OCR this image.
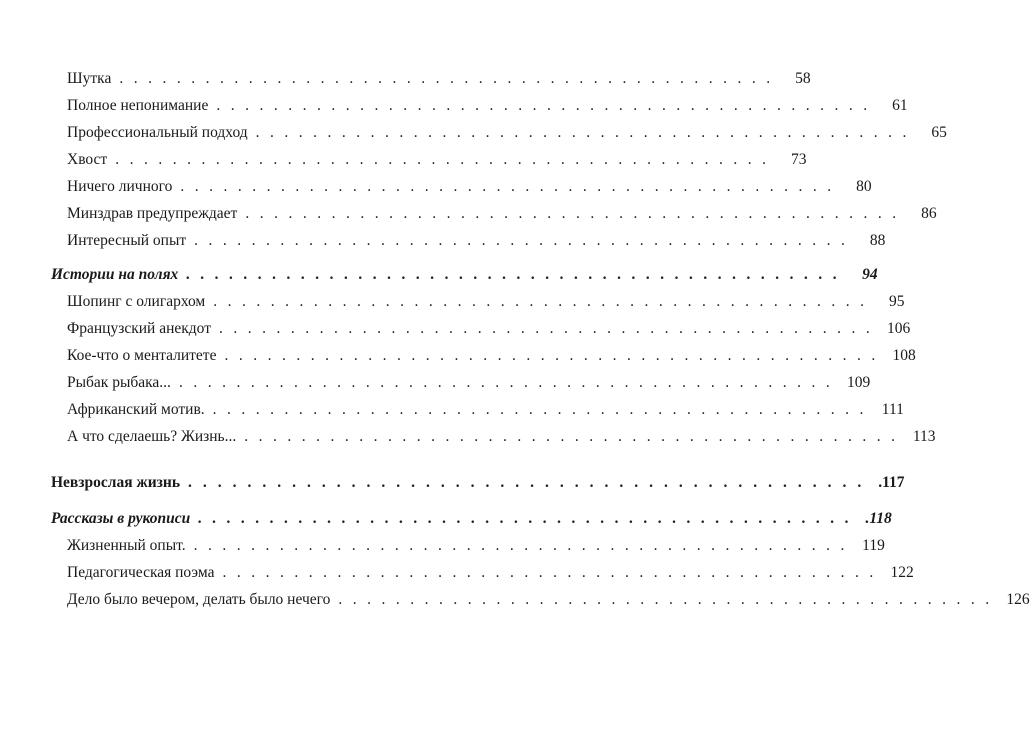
Шутка .............................................. 58
Полное непонимание .............................................. 61
Профессиональный подход .............................................. 65
Хвост .............................................. 73
Ничего личного .............................................. 80
Минздрав предупреждает .............................................. 86
Интересный опыт .............................................. 88
Истории на полях .............................................. 94
Шопинг с олигархом .............................................. 95
Французский анекдот .............................................. 106
Кое-что о менталитете .............................................. 108
Рыбак рыбака... .............................................. 109
Африканский мотив. .............................................. 111
А что сделаешь? Жизнь... .............................................. 113
Невзрослая жизнь .............................................. .117
Рассказы в рукописи .............................................. .118
Жизненный опыт. .............................................. 119
Педагогическая поэма .............................................. 122
Дело было вечером, делать было нечего .............................................. 126
